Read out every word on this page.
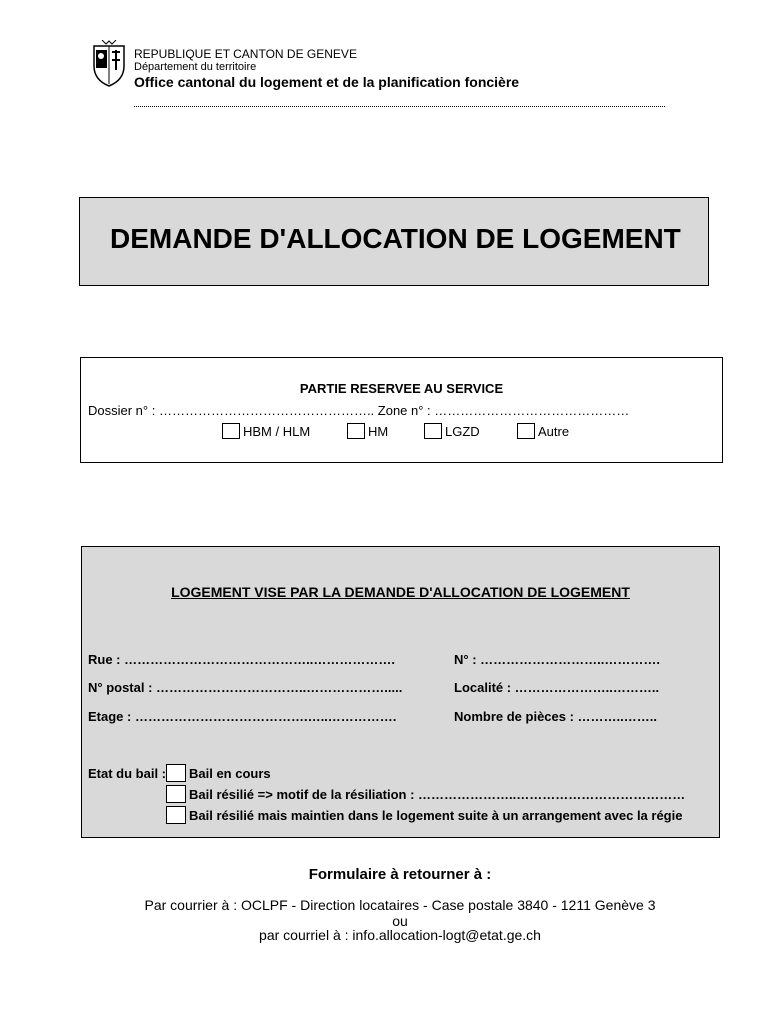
REPUBLIQUE ET CANTON DE GENEVE
Département du territoire
Office cantonal du logement et de la planification foncière
DEMANDE D'ALLOCATION DE LOGEMENT
PARTIE RESERVEE AU SERVICE
Dossier n° : ………………………………………….. Zone n° : ………………………………………
HBM / HLM	HM	LGZD	Autre
LOGEMENT VISE PAR LA DEMANDE D'ALLOCATION DE LOGEMENT
Rue : ……………………………………..……………….	N° : ………………………..………….
N° postal : ……………………………..……………….....	Localité : …………………..………..
Etage : ………………………………….…..…………….	Nombre de pièces : ………..……..
Etat du bail : Bail en cours
Bail résilié => motif de la résiliation : …………………..…………………………………
Bail résilié mais maintien dans le logement suite à un arrangement avec la régie
Formulaire à retourner à :
Par courrier à : OCLPF - Direction locataires - Case postale 3840 - 1211 Genève 3
ou
par courriel à : info.allocation-logt@etat.ge.ch
